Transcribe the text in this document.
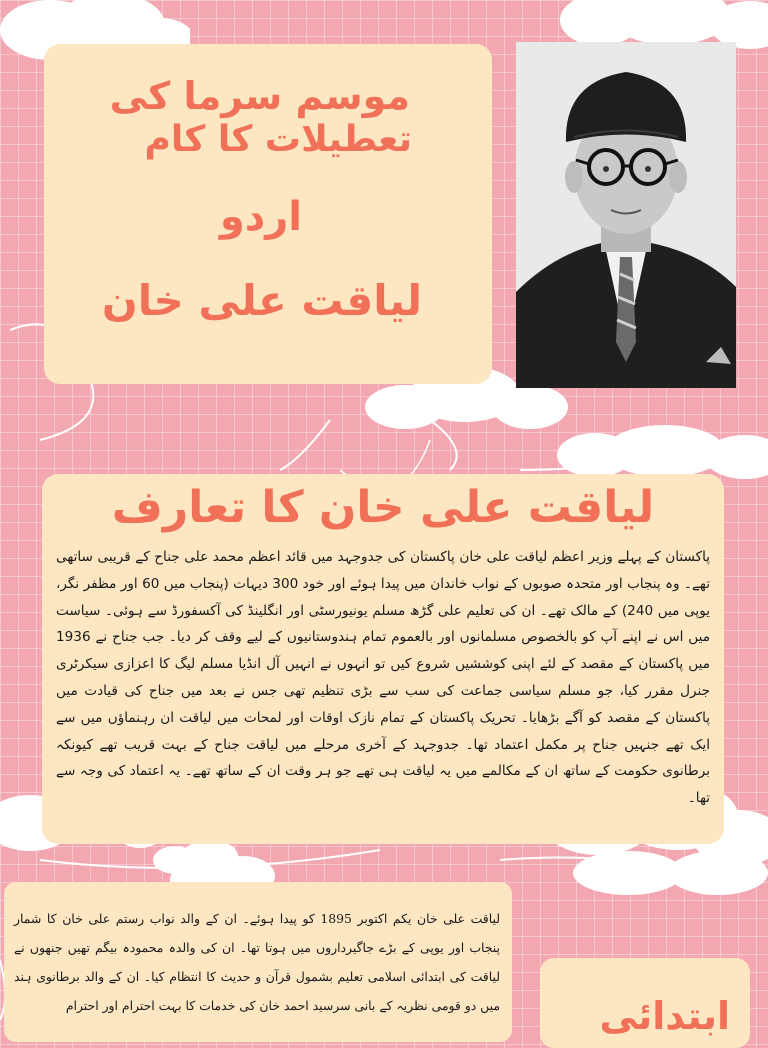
موسم سرما کی
تعطیلات کا کام
اردو
لیاقت علی خان
لیاقت علی خان کا تعارف
پاکستان کے پہلے وزیر اعظم لیاقت علی خان پاکستان کی جدوجہد میں قائد اعظم محمد علی جناح کے قریبی ساتھی تھے۔ وہ پنجاب اور متحدہ صوبوں کے نواب خاندان میں پیدا ہوئے اور خود 300 دیہات (پنجاب میں 60 اور مظفر نگر، یوپی میں 240) کے مالک تھے۔ ان کی تعلیم علی گڑھ مسلم یونیورسٹی اور انگلینڈ کی آکسفورڈ سے ہوئی۔ سیاست میں اس نے اپنے آپ کو بالخصوص مسلمانوں اور بالعموم تمام ہندوستانیوں کے لیے وقف کر دیا۔ جب جناح نے 1936 میں پاکستان کے مقصد کے لئے اپنی کوششیں شروع کیں تو انہوں نے انہیں آل انڈیا مسلم لیگ کا اعزازی سیکرٹری جنرل مقرر کیا، جو مسلم سیاسی جماعت کی سب سے بڑی تنظیم تھی جس نے بعد میں جناح کی قیادت میں پاکستان کے مقصد کو آگے بڑھایا۔ تحریک پاکستان کے تمام نازک اوقات اور لمحات میں لیاقت ان رہنماؤں میں سے ایک تھے جنہیں جناح پر مکمل اعتماد تھا۔ جدوجہد کے آخری مرحلے میں لیاقت جناح کے بہت قریب تھے کیونکہ برطانوی حکومت کے ساتھ ان کے مکالمے میں یہ لیاقت ہی تھے جو ہر وقت ان کے ساتھ تھے۔ یہ اعتماد کی وجہ سے تھا۔
لیاقت علی خان یکم اکتوبر 1895 کو پیدا ہوئے۔ ان کے والد نواب رستم علی خان کا شمار پنجاب اور یوپی کے بڑے جاگیرداروں میں ہوتا تھا۔ ان کی والدہ محمودہ بیگم تھیں جنھوں نے لیاقت کی ابتدائی اسلامی تعلیم بشمول قرآن و حدیث کا انتظام کیا۔ ان کے والد برطانوی ہند میں دو قومی نظریہ کے بانی سرسید احمد خان کی خدمات کا بہت احترام اور احترام	ابتدائی
